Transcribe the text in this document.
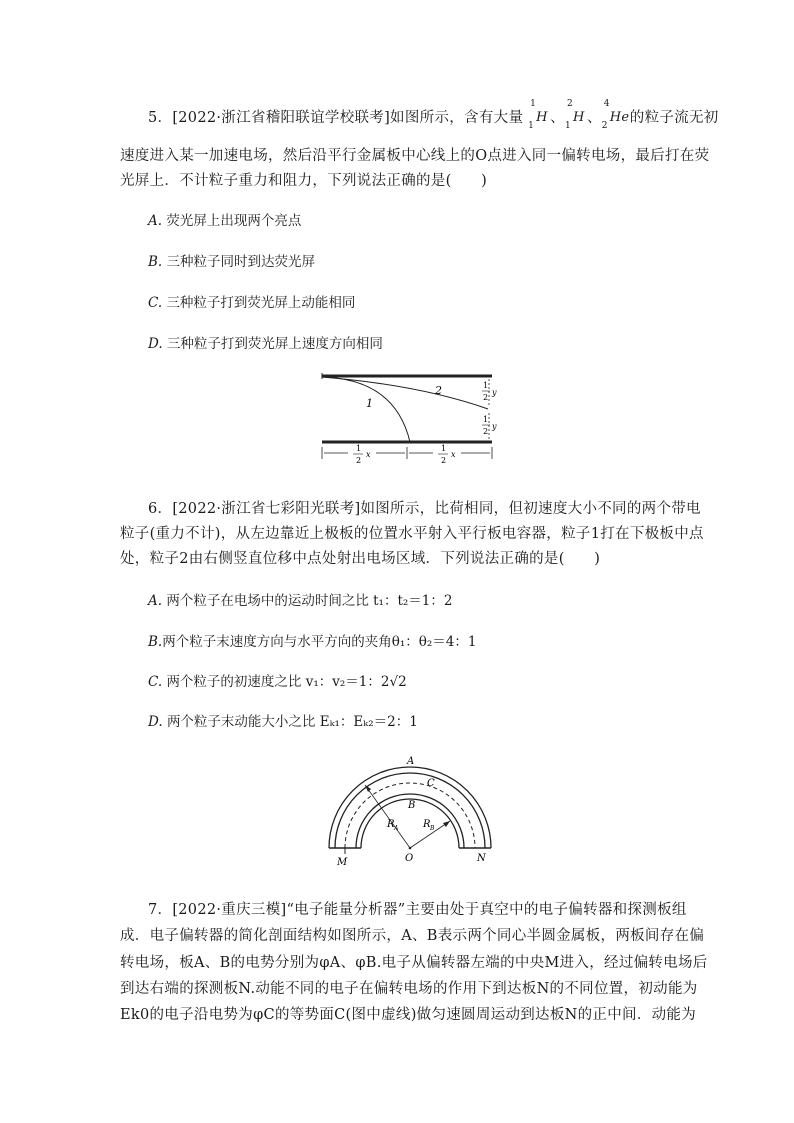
5．[2022·浙江省稽阳联谊学校联考]如图所示，含有大量
1
1
H 、
2
1
H 、
4
2
He 的粒子流无初
速度进入某一加速电场，然后沿平行金属板中心线上的O点进入同一偏转电场，最后打在荧
光屏上．不计粒子重力和阻力，下列说法正确的是(　　)
A. 荧光屏上出现两个亮点
B. 三种粒子同时到达荧光屏
C. 三种粒子打到荧光屏上动能相同
D. 三种粒子打到荧光屏上速度方向相同
1
2	1
2
y
1
2
y
1
2
x
1
2
x
6．[2022·浙江省七彩阳光联考]如图所示，比荷相同，但初速度大小不同的两个带电
粒子(重力不计)，从左边靠近上极板的位置水平射入平行板电容器，粒子1打在下极板中点
处，粒子2由右侧竖直位移中点处射出电场区域．下列说法正确的是(　　)
A. 两个粒子在电场中的运动时间之比 t₁：t₂＝1：2
B.两个粒子末速度方向与水平方向的夹角θ₁：θ₂＝4：1
C. 两个粒子的初速度之比 v₁：v₂＝1：2√2
D. 两个粒子末动能大小之比 Eₖ₁：Eₖ₂＝2：1
A
C
B
R A R B
O
M	N
7．[2022·重庆三模]“电子能量分析器”主要由处于真空中的电子偏转器和探测板组
成．电子偏转器的简化剖面结构如图所示，A、B表示两个同心半圆金属板，两板间存在偏
转电场，板A、B的电势分别为φA、φB.电子从偏转器左端的中央M进入，经过偏转电场后
到达右端的探测板N.动能不同的电子在偏转电场的作用下到达板N的不同位置，初动能为
Ek0的电子沿电势为φC的等势面C(图中虚线)做匀速圆周运动到达板N的正中间．动能为
